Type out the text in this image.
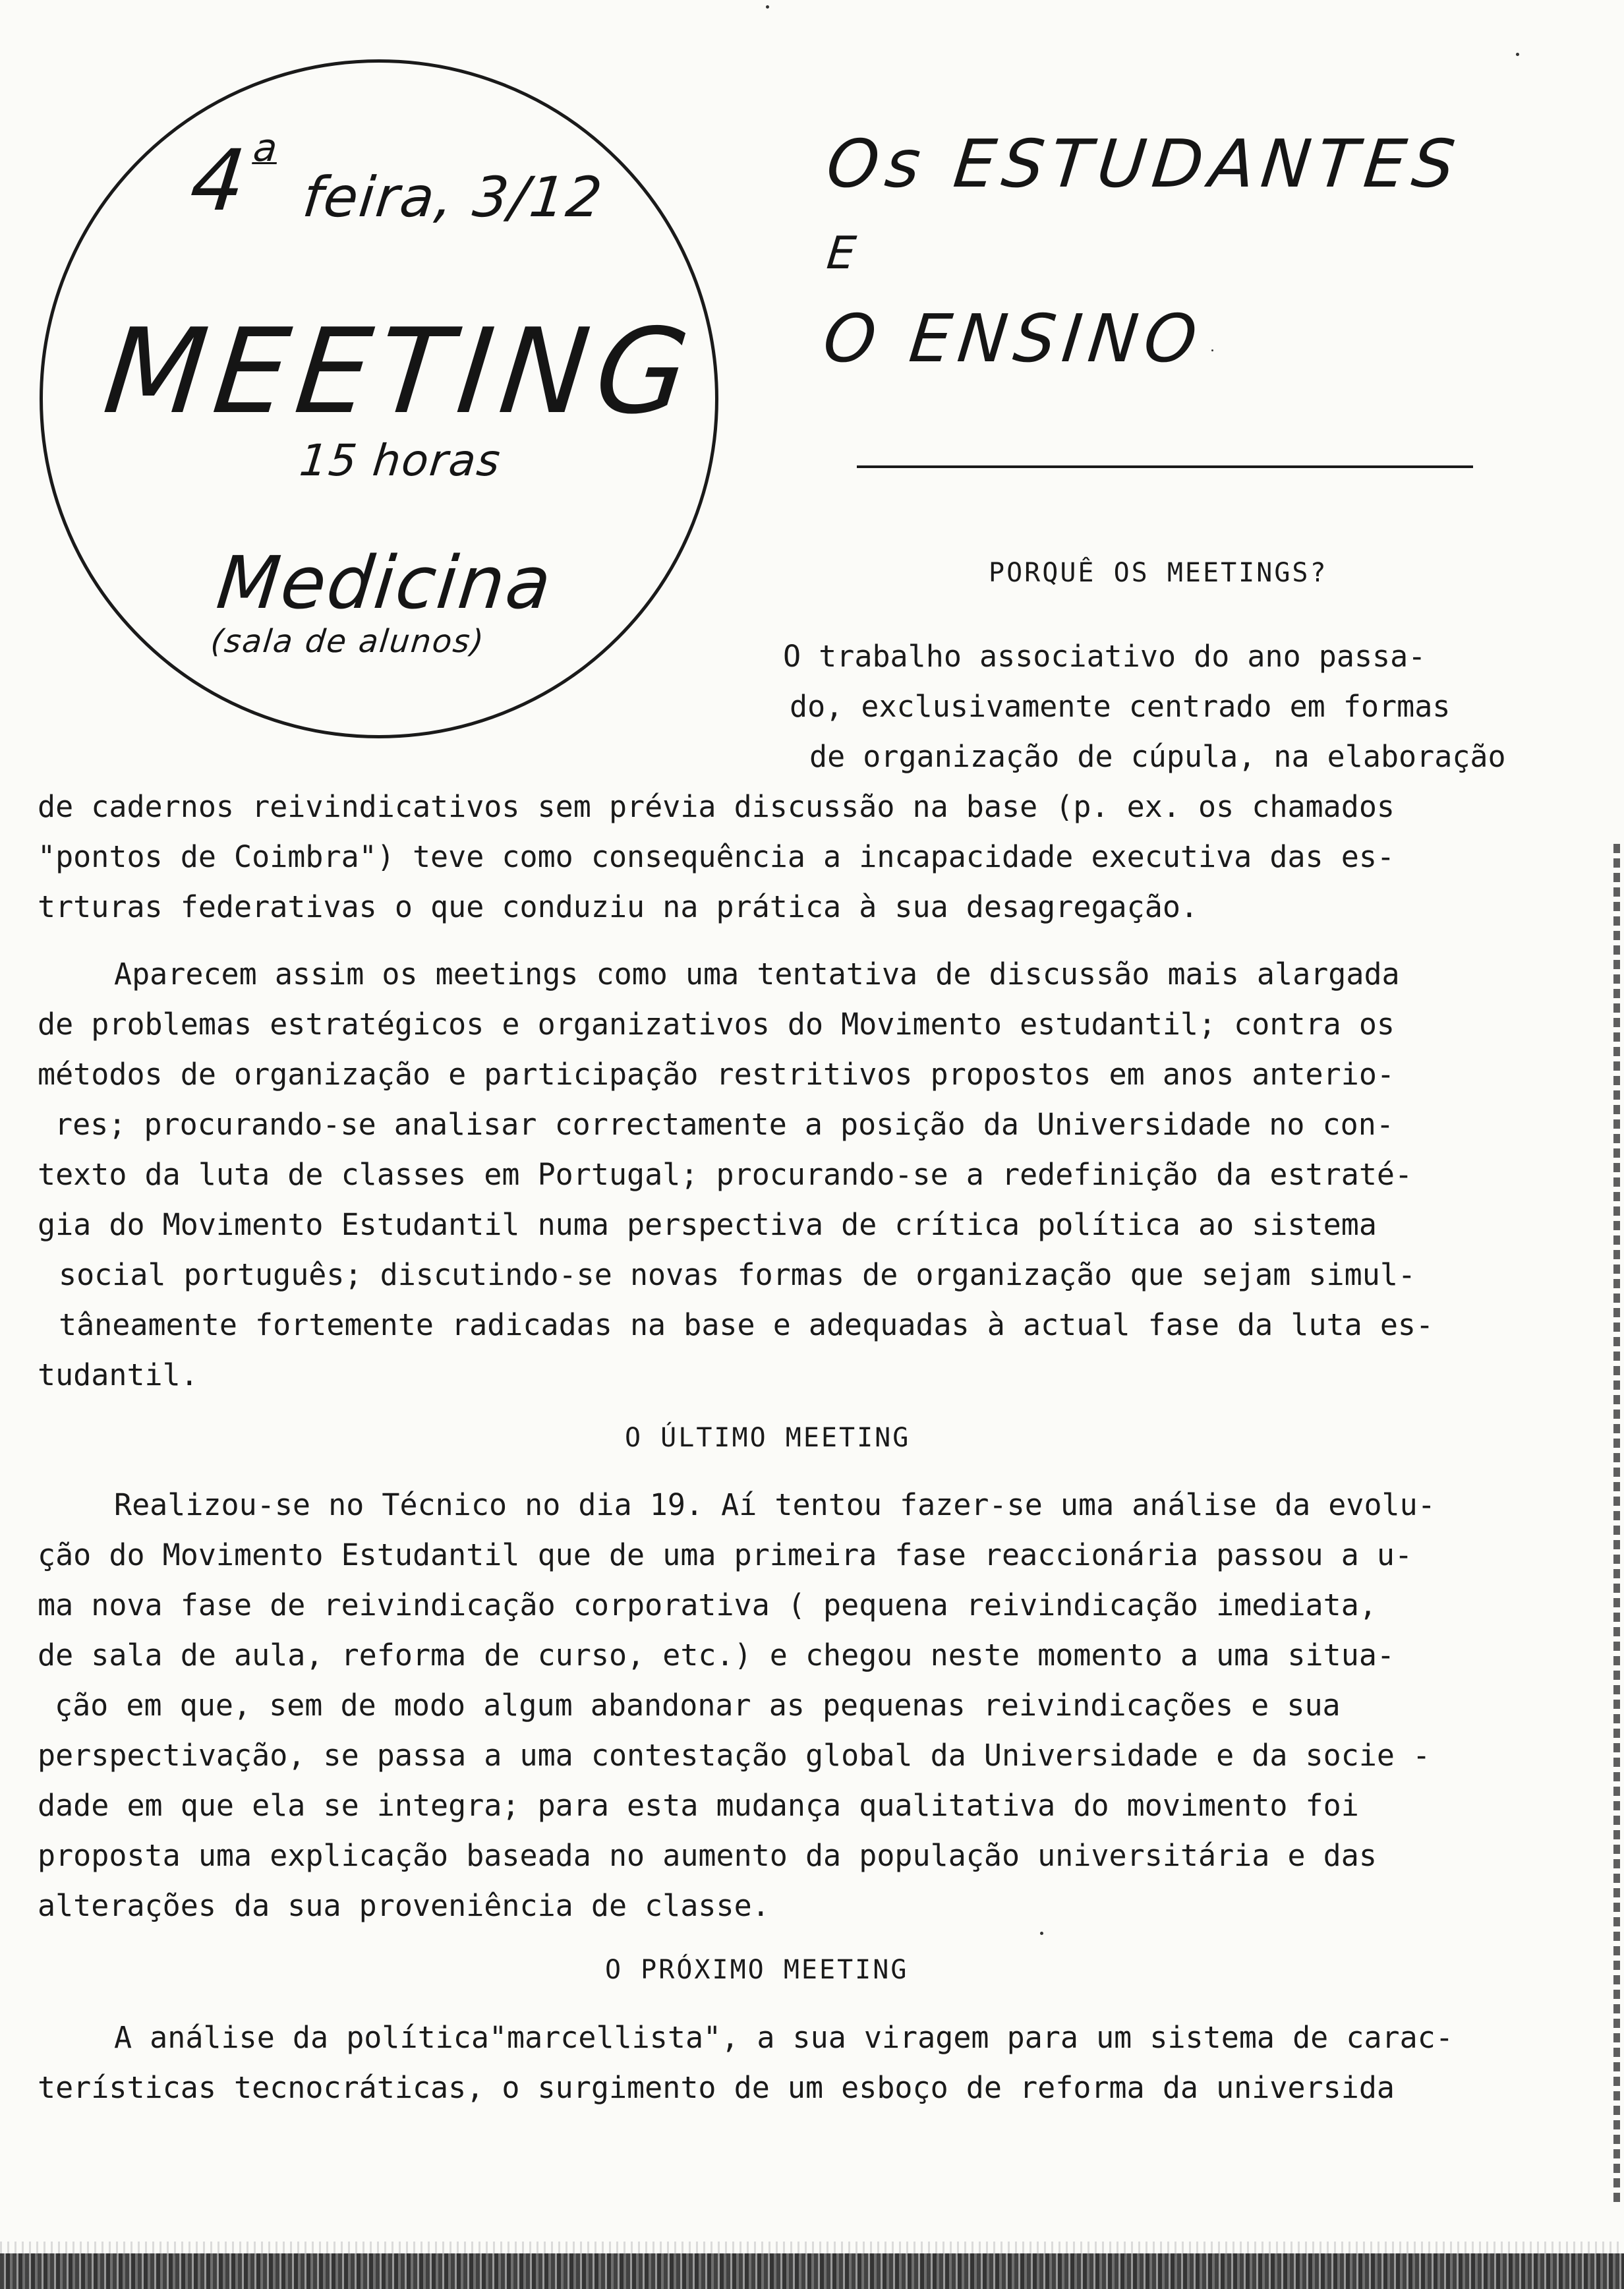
4$^a$
feira, 3/12
MEETING
15 horas
Medicina
(sala de alunos)
Os ESTUDANTES
E
O ENSINO
PORQUÊ OS MEETINGS?
O trabalho associativo do ano passa-
do, exclusivamente centrado em formas
de organização de cúpula, na elaboração
de cadernos reivindicativos sem prévia discussão na base (p. ex. os chamados
"pontos de Coimbra") teve como consequência a incapacidade executiva das es-
trturas federativas o que conduziu na prática à sua desagregação.
Aparecem assim os meetings como uma tentativa de discussão mais alargada
de problemas estratégicos e organizativos do Movimento estudantil; contra os
métodos de organização e participação restritivos propostos em anos anterio-
res; procurando-se analisar correctamente a posição da Universidade no con-
texto da luta de classes em Portugal; procurando-se a redefinição da estraté-
gia do Movimento Estudantil numa perspectiva de crítica política ao sistema
social português; discutindo-se novas formas de organização que sejam simul-
tâneamente fortemente radicadas na base e adequadas à actual fase da luta es-
tudantil.
O ÚLTIMO MEETING
Realizou-se no Técnico no dia 19. Aí tentou fazer-se uma análise da evolu-
ção do Movimento Estudantil que de uma primeira fase reaccionária passou a u-
ma nova fase de reivindicação corporativa ( pequena reivindicação imediata,
de sala de aula, reforma de curso, etc.) e chegou neste momento a uma situa-
ção em que, sem de modo algum abandonar as pequenas reivindicações e sua
perspectivação, se passa a uma contestação global da Universidade e da socie -
dade em que ela se integra; para esta mudança qualitativa do movimento foi
proposta uma explicação baseada no aumento da população universitária e das
alterações da sua proveniência de classe.
O PRÓXIMO MEETING
A análise da política"marcellista", a sua viragem para um sistema de carac-
terísticas tecnocráticas, o surgimento de um esboço de reforma da universida
